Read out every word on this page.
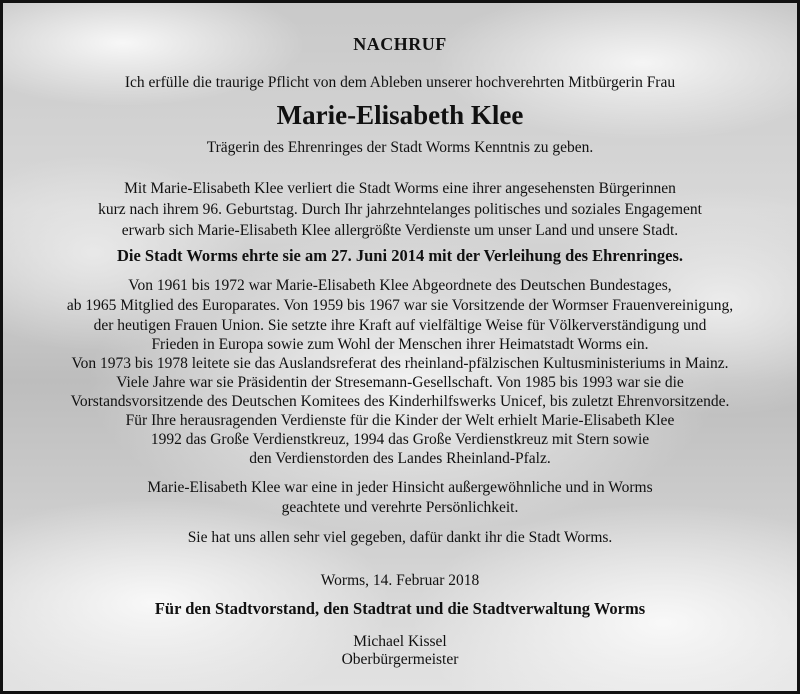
NACHRUF
Ich erfülle die traurige Pflicht von dem Ableben unserer hochverehrten Mitbürgerin Frau
Marie-Elisabeth Klee
Trägerin des Ehrenringes der Stadt Worms Kenntnis zu geben.
Mit Marie-Elisabeth Klee verliert die Stadt Worms eine ihrer angesehensten Bürgerinnen
kurz nach ihrem 96. Geburtstag. Durch Ihr jahrzehntelanges politisches und soziales Engagement
erwarb sich Marie-Elisabeth Klee allergrößte Verdienste um unser Land und unsere Stadt.
Die Stadt Worms ehrte sie am 27. Juni 2014 mit der Verleihung des Ehrenringes.
Von 1961 bis 1972 war Marie-Elisabeth Klee Abgeordnete des Deutschen Bundestages,
ab 1965 Mitglied des Europarates. Von 1959 bis 1967 war sie Vorsitzende der Wormser Frauenvereinigung,
der heutigen Frauen Union. Sie setzte ihre Kraft auf vielfältige Weise für Völkerverständigung und
Frieden in Europa sowie zum Wohl der Menschen ihrer Heimatstadt Worms ein.
Von 1973 bis 1978 leitete sie das Auslandsreferat des rheinland-pfälzischen Kultusministeriums in Mainz.
Viele Jahre war sie Präsidentin der Stresemann-Gesellschaft. Von 1985 bis 1993 war sie die
Vorstandsvorsitzende des Deutschen Komitees des Kinderhilfswerks Unicef, bis zuletzt Ehrenvorsitzende.
Für Ihre herausragenden Verdienste für die Kinder der Welt erhielt Marie-Elisabeth Klee
1992 das Große Verdienstkreuz, 1994 das Große Verdienstkreuz mit Stern sowie
den Verdienstorden des Landes Rheinland-Pfalz.
Marie-Elisabeth Klee war eine in jeder Hinsicht außergewöhnliche und in Worms
geachtete und verehrte Persönlichkeit.
Sie hat uns allen sehr viel gegeben, dafür dankt ihr die Stadt Worms.
Worms, 14. Februar 2018
Für den Stadtvorstand, den Stadtrat und die Stadtverwaltung Worms
Michael Kissel
Oberbürgermeister
